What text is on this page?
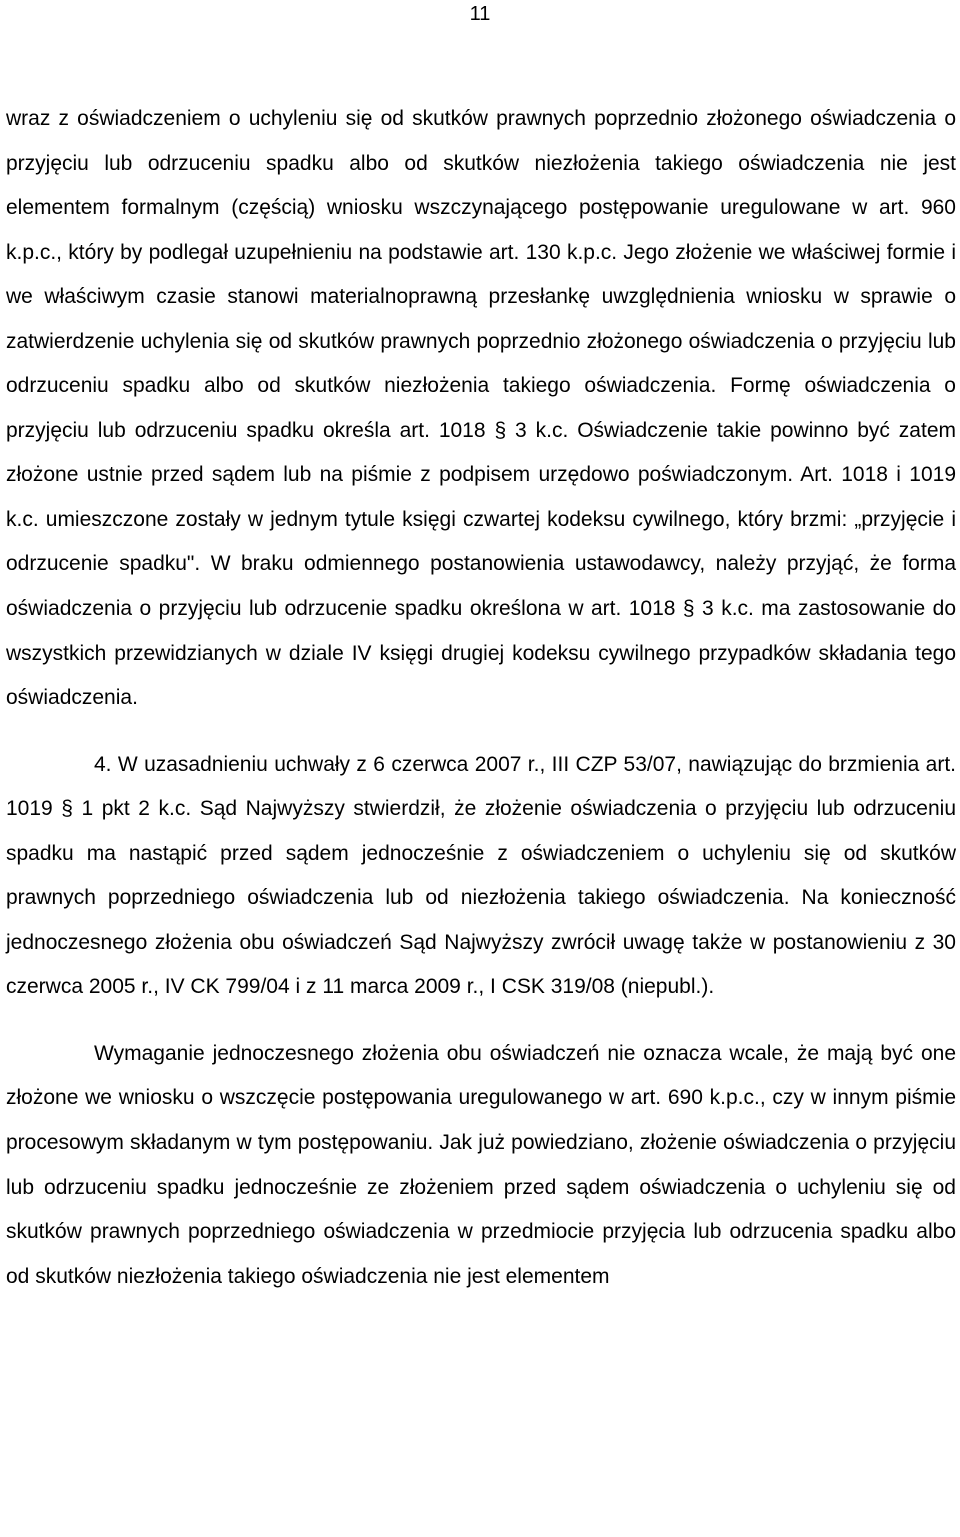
11

wraz z oświadczeniem o uchyleniu się od skutków prawnych poprzednio złożonego oświadczenia o przyjęciu lub odrzuceniu spadku albo od skutków niezłożenia takiego oświadczenia nie jest elementem formalnym (częścią) wniosku wszczynającego postępowanie uregulowane w art. 960 k.p.c., który by podlegał uzupełnieniu na podstawie art. 130 k.p.c. Jego złożenie we właściwej formie i we właściwym czasie stanowi materialnoprawną przesłankę uwzględnienia wniosku w sprawie o zatwierdzenie uchylenia się od skutków prawnych poprzednio złożonego oświadczenia o przyjęciu lub odrzuceniu spadku albo od skutków niezłożenia takiego oświadczenia. Formę oświadczenia o przyjęciu lub odrzuceniu spadku określa art. 1018 § 3 k.c. Oświadczenie takie powinno być zatem złożone ustnie przed sądem lub na piśmie z podpisem urzędowo poświadczonym. Art. 1018 i 1019 k.c. umieszczone zostały w jednym tytule księgi czwartej kodeksu cywilnego, który brzmi: „przyjęcie i odrzucenie spadku". W braku odmiennego postanowienia ustawodawcy, należy przyjąć, że forma oświadczenia o przyjęciu lub odrzucenie spadku określona w art. 1018 § 3 k.c. ma zastosowanie do wszystkich przewidzianych w dziale IV księgi drugiej kodeksu cywilnego przypadków składania tego oświadczenia.

4. W uzasadnieniu uchwały z 6 czerwca 2007 r., III CZP 53/07, nawiązując do brzmienia art. 1019 § 1 pkt 2 k.c. Sąd Najwyższy stwierdził, że złożenie oświadczenia o przyjęciu lub odrzuceniu spadku ma nastąpić przed sądem jednocześnie z oświadczeniem o uchyleniu się od skutków prawnych poprzedniego oświadczenia lub od niezłożenia takiego oświadczenia. Na konieczność jednoczesnego złożenia obu oświadczeń Sąd Najwyższy zwrócił uwagę także w postanowieniu z 30 czerwca 2005 r., IV CK 799/04 i z 11 marca 2009 r., I CSK 319/08 (niepubl.).

Wymaganie jednoczesnego złożenia obu oświadczeń nie oznacza wcale, że mają być one złożone we wniosku o wszczęcie postępowania uregulowanego w art. 690 k.p.c., czy w innym piśmie procesowym składanym w tym postępowaniu. Jak już powiedziano, złożenie oświadczenia o przyjęciu lub odrzuceniu spadku jednocześnie ze złożeniem przed sądem oświadczenia o uchyleniu się od skutków prawnych poprzedniego oświadczenia w przedmiocie przyjęcia lub odrzucenia spadku albo od skutków niezłożenia takiego oświadczenia nie jest elementem
